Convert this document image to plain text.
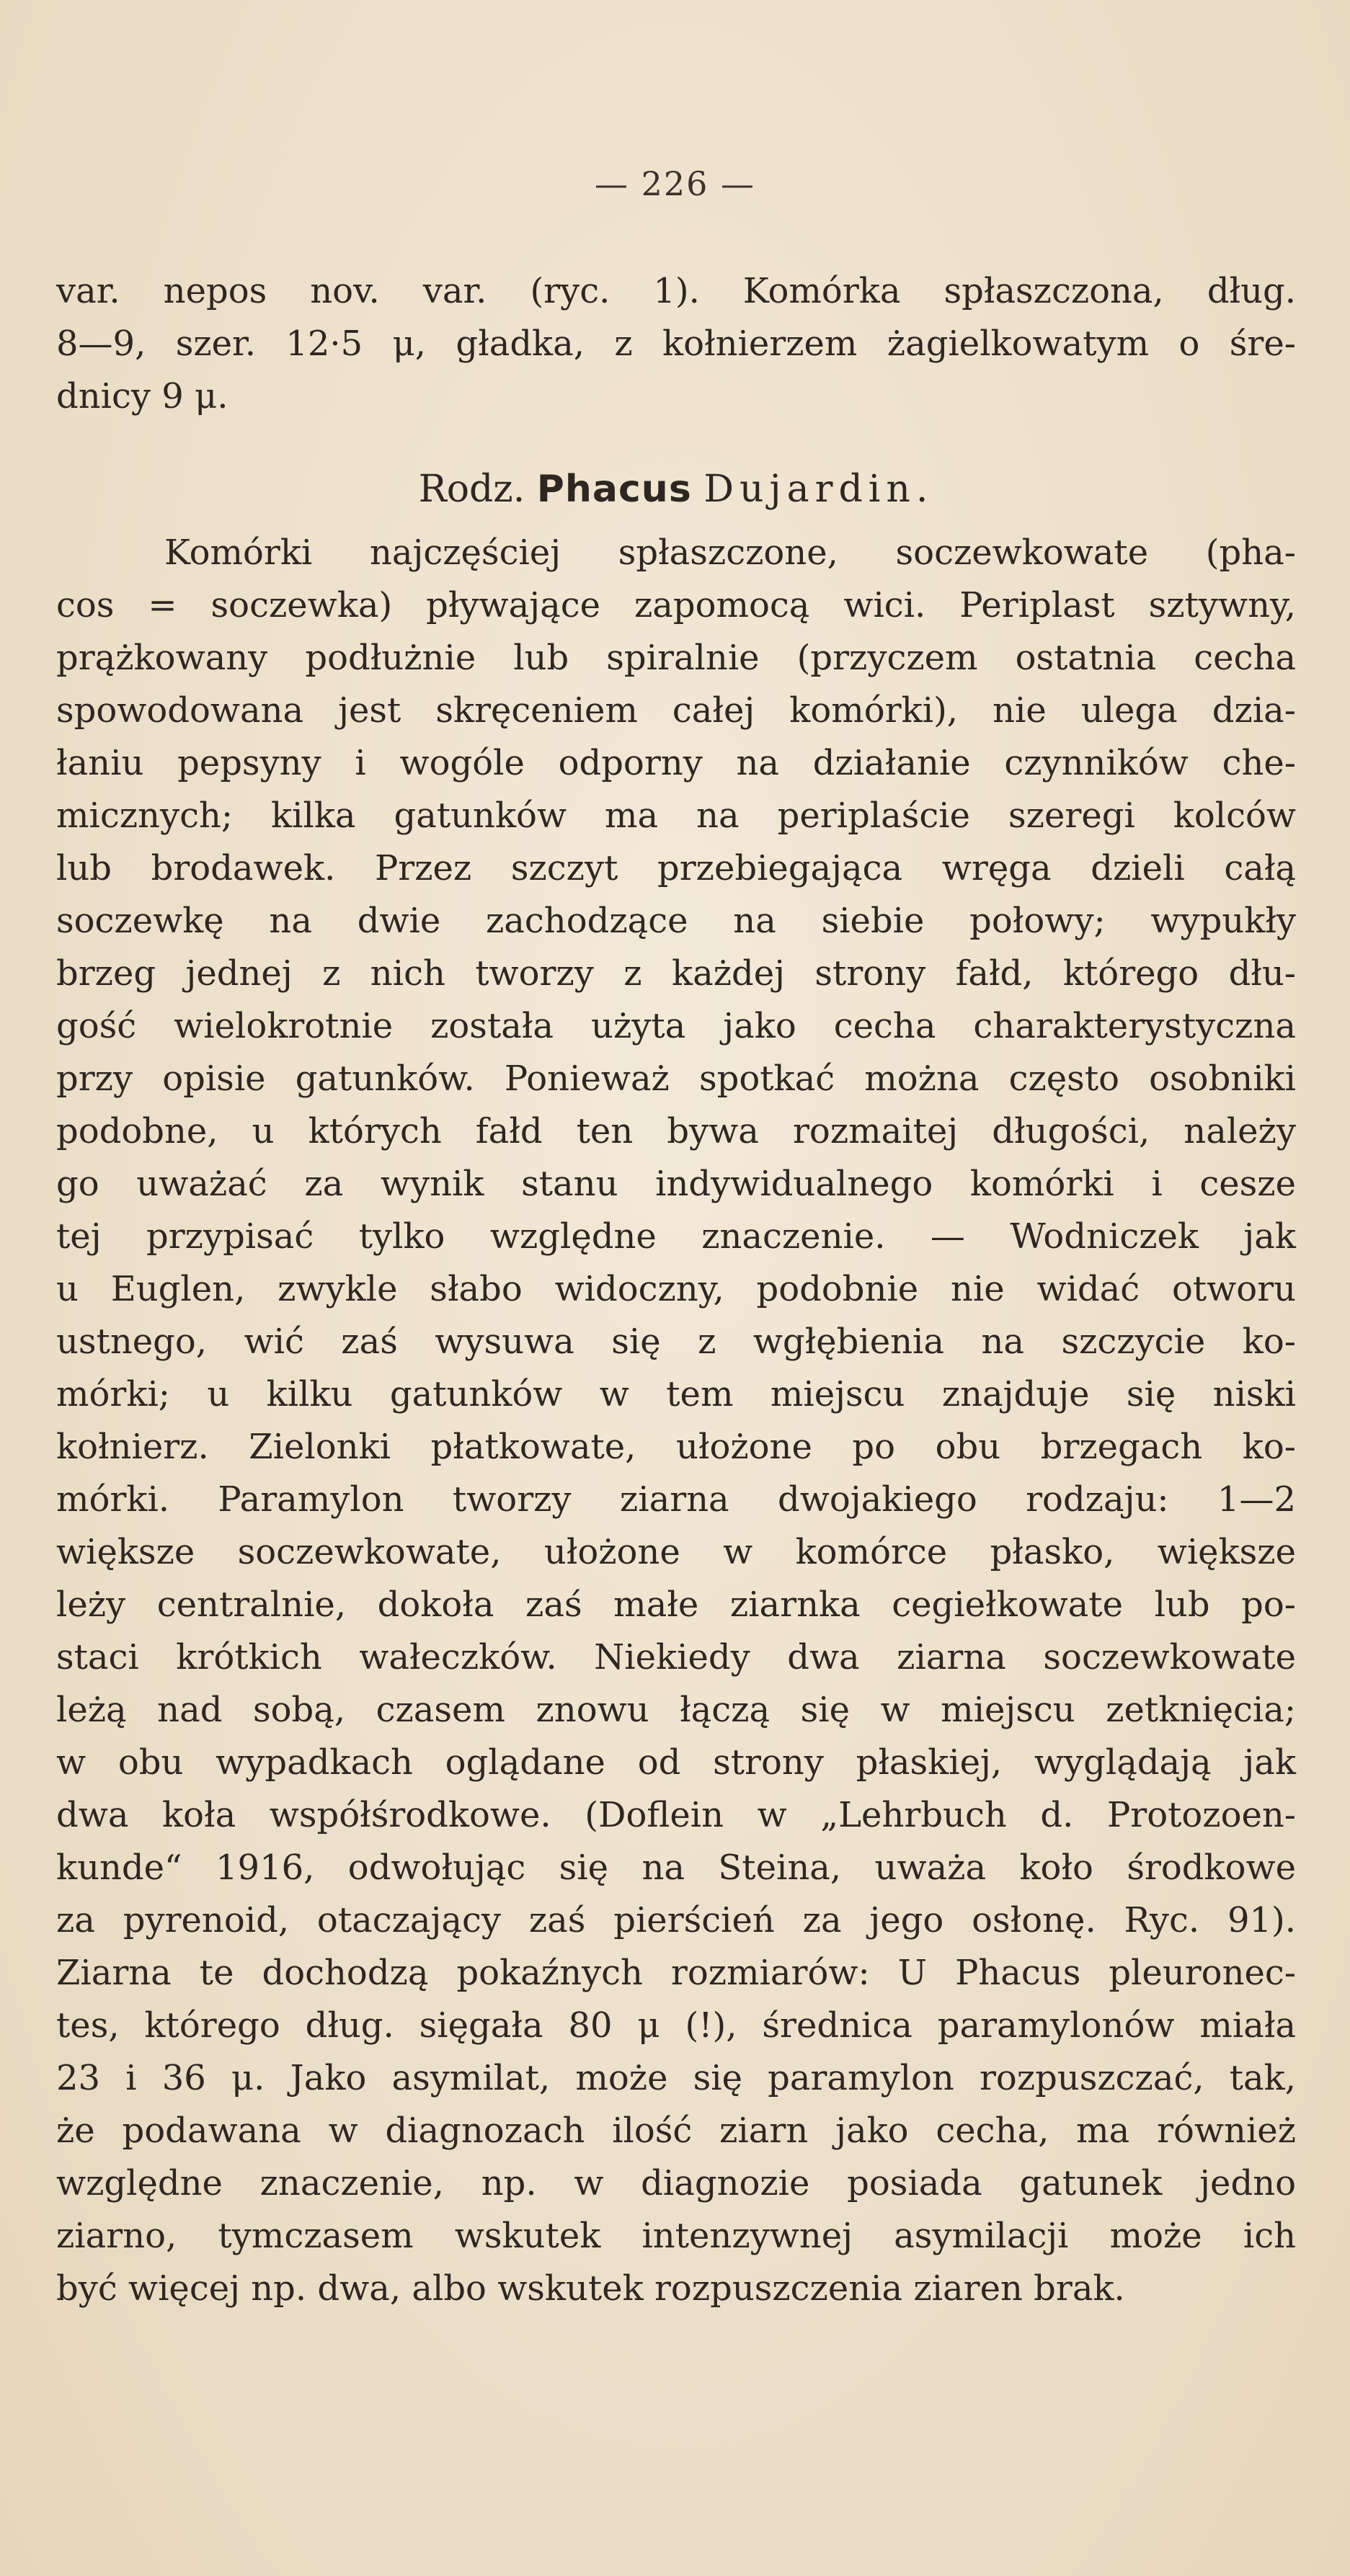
— 226 —
var. nepos nov. var. (ryc. 1). Komórka spłaszczona, dług.
8—9, szer. 12·5 μ, gładka, z kołnierzem żagielkowatym o śre-
dnicy 9 μ.
Rodz. Phacus Dujardin.
Komórki najczęściej spłaszczone, soczewkowate (pha-
cos = soczewka) pływające zapomocą wici. Periplast sztywny,
prążkowany podłużnie lub spiralnie (przyczem ostatnia cecha
spowodowana jest skręceniem całej komórki), nie ulega dzia-
łaniu pepsyny i wogóle odporny na działanie czynników che-
micznych; kilka gatunków ma na periplaście szeregi kolców
lub brodawek. Przez szczyt przebiegająca wręga dzieli całą
soczewkę na dwie zachodzące na siebie połowy; wypukły
brzeg jednej z nich tworzy z każdej strony fałd, którego dłu-
gość wielokrotnie została użyta jako cecha charakterystyczna
przy opisie gatunków. Ponieważ spotkać można często osobniki
podobne, u których fałd ten bywa rozmaitej długości, należy
go uważać za wynik stanu indywidualnego komórki i cesze
tej przypisać tylko względne znaczenie. — Wodniczek jak
u Euglen, zwykle słabo widoczny, podobnie nie widać otworu
ustnego, wić zaś wysuwa się z wgłębienia na szczycie ko-
mórki; u kilku gatunków w tem miejscu znajduje się niski
kołnierz. Zielonki płatkowate, ułożone po obu brzegach ko-
mórki. Paramylon tworzy ziarna dwojakiego rodzaju: 1—2
większe soczewkowate, ułożone w komórce płasko, większe
leży centralnie, dokoła zaś małe ziarnka cegiełkowate lub po-
staci krótkich wałeczków. Niekiedy dwa ziarna soczewkowate
leżą nad sobą, czasem znowu łączą się w miejscu zetknięcia;
w obu wypadkach oglądane od strony płaskiej, wyglądają jak
dwa koła współśrodkowe. (Doflein w „Lehrbuch d. Protozoen-
kunde“ 1916, odwołując się na Steina, uważa koło środkowe
za pyrenoid, otaczający zaś pierścień za jego osłonę. Ryc. 91).
Ziarna te dochodzą pokaźnych rozmiarów: U Phacus pleuronec-
tes, którego dług. sięgała 80 μ (!), średnica paramylonów miała
23 i 36 μ. Jako asymilat, może się paramylon rozpuszczać, tak,
że podawana w diagnozach ilość ziarn jako cecha, ma również
względne znaczenie, np. w diagnozie posiada gatunek jedno
ziarno, tymczasem wskutek intenzywnej asymilacji może ich
być więcej np. dwa, albo wskutek rozpuszczenia ziaren brak.
